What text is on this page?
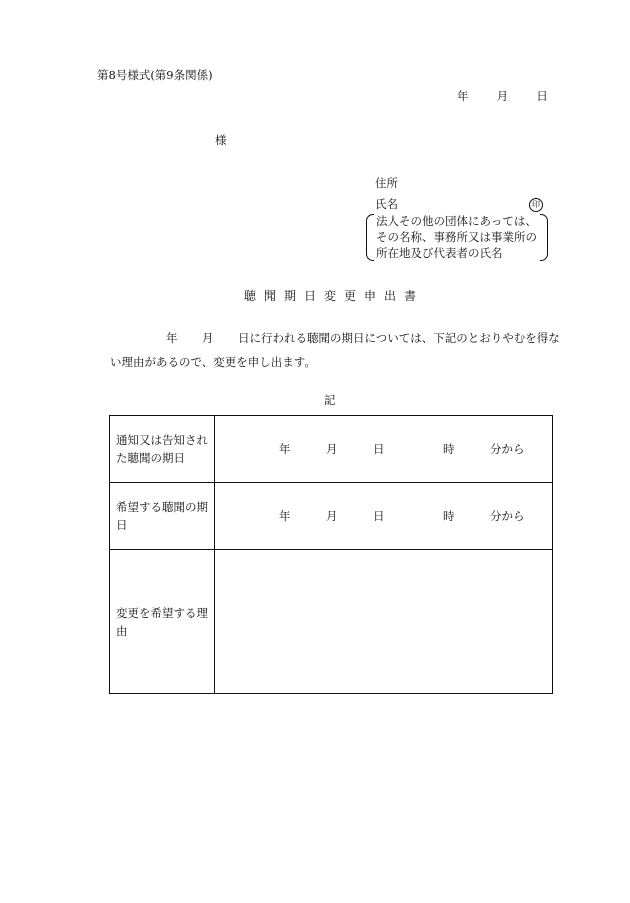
第8号様式(第9条関係)
年 月 日
様
住所
氏名	印
法人その他の団体にあっては、
その名称、事務所又は事業所の
所在地及び代表者の氏名
聴聞期日変更申出書
年 月 日に行われる聴聞の期日については、下記のとおりやむを得な
い理由があるので、変更を申し出ます。
記
通知又は告知された聴聞の期日	年 月 日 時 分から

希望する聴聞の期日	年 月 日 時 分から

変更を希望する理由	
